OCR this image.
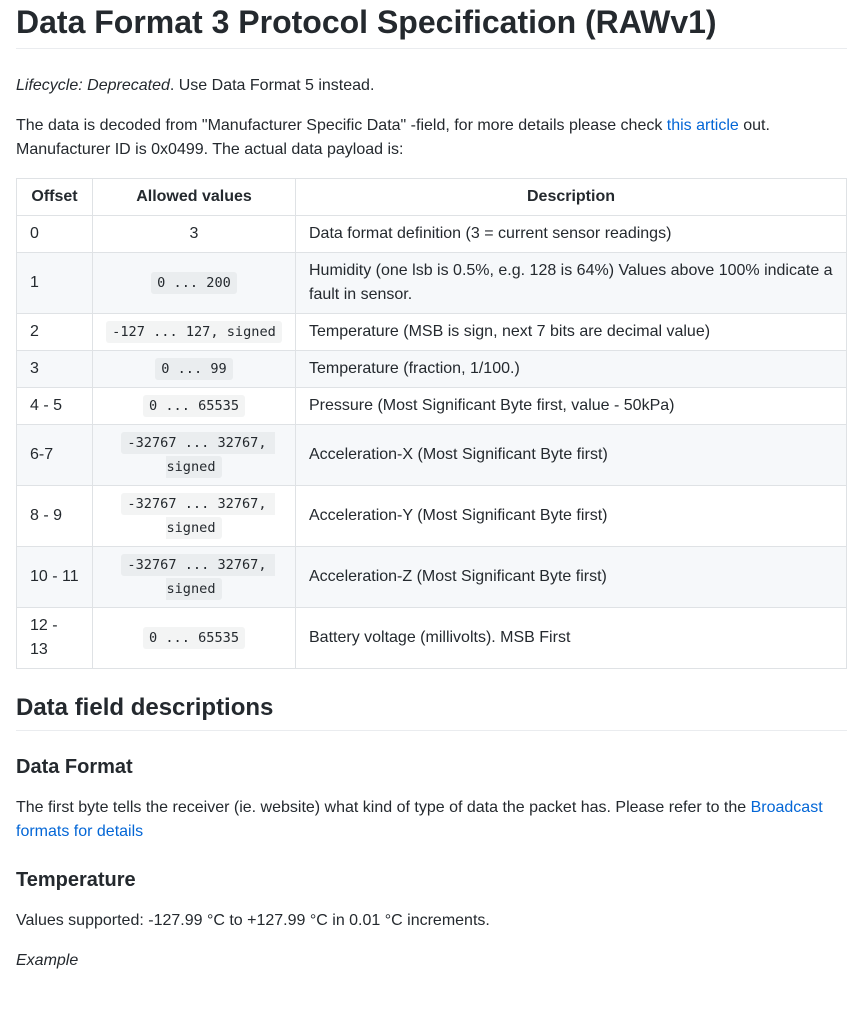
Data Format 3 Protocol Specification (RAWv1)

Lifecycle: Deprecated. Use Data Format 5 instead.

The data is decoded from "Manufacturer Specific Data" -field, for more details please check this article out. Manufacturer ID is 0x0499. The actual data payload is:

Offset	Allowed values	Description
0	3	Data format definition (3 = current sensor readings)
1	0 ... 200	Humidity (one lsb is 0.5%, e.g. 128 is 64%) Values above 100% indicate a fault in sensor.
2	-127 ... 127, signed	Temperature (MSB is sign, next 7 bits are decimal value)
3	0 ... 99	Temperature (fraction, 1/100.)
4 - 5	0 ... 65535	Pressure (Most Significant Byte first, value - 50kPa)
6-7	-32767 ... 32767, signed	Acceleration-X (Most Significant Byte first)
8 - 9	-32767 ... 32767, signed	Acceleration-Y (Most Significant Byte first)
10 - 11	-32767 ... 32767, signed	Acceleration-Z (Most Significant Byte first)
12 - 13	0 ... 65535	Battery voltage (millivolts). MSB First
Data field descriptions
Data Format

The first byte tells the receiver (ie. website) what kind of type of data the packet has. Please refer to the Broadcast formats for details

Temperature

Values supported: -127.99 °C to +127.99 °C in 0.01 °C increments.

Example
